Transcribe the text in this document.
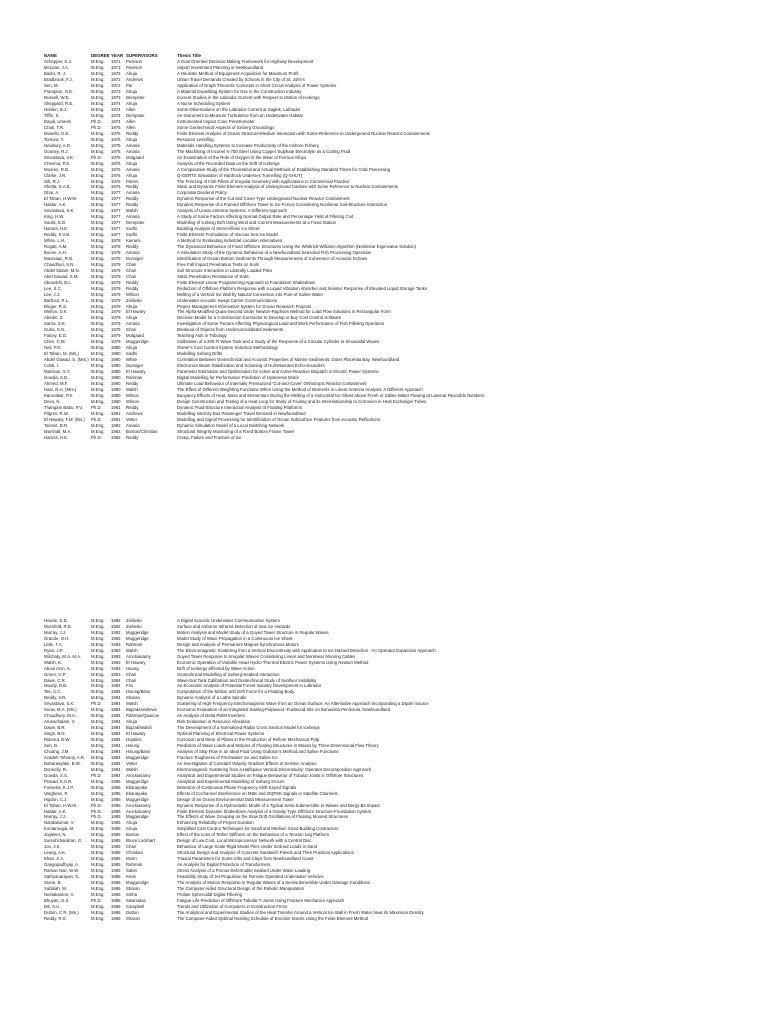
NAME	DEGREE	YEAR	SUPERVISORS	Thesis Title
Schepper, K.J.	M.Eng.	1971	Pearson	A Goal Oriented Decision Making Framework for Highway Development
McLean, J.A.	M.Eng.	1971	Pearson	Airport Investment Planning in Newfoundland
Butler, R. J.	M.Eng.	1972	Ahuja	A Heuristic Method of Equipment Acquisition for Maximum Profit
Bradbrook, F.J.	M.Eng.	1972	Andrews	Urban Travel Demands Created by Schools in the City of St. John's
Sen, M.	M.Eng.	1972	Pai	Application of Graph Theoretic Concepts in Short Circuit Analysis of Power Systems
Frampton, G.E.	M.Eng.	1973	Ahuja	A Material Expediting System for Use in the Construction Industry
Russell, W.E.	M.Eng.	1973	Dempster	Current Studies in the Labrador Current with Respect to Motion of Icebergs
Sheppard, R.E.	M.Eng.	1974	Ahuja	A Nurse Scheduling System
Holden, B.J.	M.Eng.	1974	Allen	Some Observations on the Labrador Current at Saglek, Labrador
Tiffin, S.	M.Eng.	1974	Dempster	An Instrument to Measure Turbulence from an Underwater Habitat
Dayal, Umesh	Ph.D.	1974	Allen	Instrumented Impact Cone Penetrometer
Chari, T.R.	Ph.D.	1975	Allen	Some Geotechnical Aspects of Iceberg Groundings
Mosello, D.E.	M.Eng.	1975	Reddy	Finite Element Analysis of Ocean Structure-Medium Interaction with Some Reference to Underground Nuclear Reactor Containments
Tomura, Y.	M.Eng.	1975	Ahuja	Resource Levelling
Newbury, A.D.	M.Eng.	1975	Amaria	Materials Handling Systems to Increase Productivity of the Inshore Fishery
Gooney, R.J.	M.Eng.	1975	Amaria	The Machining of Inconel X-750 Steel Using Copper Sulphate Electrolyte as a Cutting Fluid
Srivastava, V.K.	Ph.D.	1975	Molgaard	An Examination of the Role of Oxygen in the Wear of Ferrous Alloys
Cheema, P.S.	M.Eng.	1976	Ahuja	Analysis of the Recorded Data on the Drift of Icebergs
Moores, R.D.	M.Eng.	1976	Amaria	A Comparative Study of the Theoretical and Actual Methods of Establishing Standard Times for Crab Processing
Clarke, J.R.	M.Eng.	1976	Ahuja	Q-GERTS Simulation of Hardrock Underses Tunnelling (Q-SHUT)
Gill, R.J.	M.Eng.	1976	Peters	The Freezing of Fish Fillets of Irregular Geometry with Applications to Commercial Practice
Shetta, S.A.E.	M.Eng.	1976	Reddy	Static and Dynamic Finite Element Analysis of Underground Cavities with Some Reference to Nuclear Containments
Dhar, A.	M.Eng.	1977	Amaria	Corporate Dividend Policy
El Tahan, H.W.M.	M.Eng.	1977	Reddy	Dynamic Response of the Cut and Cover Type Underground Nuclear Reactor Containment
Haldar, A.K.	M.Eng.	1977	Reddy	Dynamic Response of a Framed Offshore Tower to Ice Forces Considering Nonlinear Soil-Structure Interaction
Srivastava, S.K.	M.Eng.	1977	Walsh	Analysis of Linear Antenna Systems: A Different Approach
King, H.W.	M.Eng.	1977	Amaria	A Study of Some Factors Affecting Normal Output Rate and Percentage Yield of Filleting Cod
Soulis, E.D.	M.Eng.	1977	Dempster	Modelling of Iceberg Drift Using Wind and Current Measurements at a Fixed Station
Hamza, H.E.	M.Eng.	1977	Sodhi	Buckling Analysis of Semi-Infinite Ice Sheet
Reddy, S.V.B.	M.Eng.	1977	Sodhi	Finite Element Formulation of Viscous Sea Ice Model
White, L.H.	M.Eng.	1978	Kierans	A Method for Evaluating Industrial Location Alternatives
Rogati, A.M.	M.Eng.	1978	Reddy	The Dynamical Behaviour of Fixed Offshore Structures Using the Whittrick-Williams Algorithm (Nonlinear Eigenvalue Solution)
Boone, A.H.	M.Eng.	1978	Amaria	A Simulation Study of the Dynamic Behaviour of a Newfoundland Seasonal Fish Processing Operation
MacIsaac, R.B.	M.Eng.	1978	Dunsiger	Identification of Ocean Bottom Sediments Through Measurements of Coherence of Acoustic Echoes
Chaudhuri, S.N.	M.Eng.	1979	Chari	Free Fall Impact Penetration Tests on Soils
Abdel Salam, M.N.	M.Eng.	1979	Chari	Soil Structure Interaction in Laterally Loaded Piles
Abel Gawad, S.M.	M.Eng.	1979	Chari	Static Penetration Resistance of Soils
Abounkhi, B.L.	M.Eng.	1979	Reddy	Finite Element Linear Programming Approach to Foundation Shakedown
Lee, S.C.	M.Eng.	1979	Reddy	Reduction of Offshore Platform Response with a Liquid Vibration Absorber and Seismic Response of Elevated Liquid Storage Tanks
Lee, J.J.	M.Eng.	1979	Wilson	Melting of a Vertical Ice Wall by Natural Convection into Pure of Saline Water
Barbour, R.L.	M.Eng.	1979	Zielinski	Underwater Acoustic Swept Carrier Communications
Ringer, R.S.	M.Eng.	1979	Ahuja	Project Management Information System for Ocean Research Projects
Wellon, D.K.	M.Eng.	1979	El Hawary	The Alpha-Modified Quasi-Second Order Newton-Raphson Method for Load Flow Solutions in Rectangular Form
Abedin, Z.	M.Eng.	1979	Ahuja	Decision Model for a Construction Contractor to Develop or Buy Cost Control Software
Sarna, S.K.	M.Eng.	1979	Amaria	Investigation of Some Factors Affecting Physiological Load and Work Performance of Fish Filleting Operators
Guha, S.N.	M.Eng.	1979	Chari	Breakout of Objects from Undersonsolidated Sediments
Falcey, E.G.	M.Eng.	1979	Molgaard	Teaching Aids in Tribology
Chen, C.M.	M.Eng.	1979	Muggeridge	Calibration of a 200 Ft Wave Tank and a Study of the Response of a Circular Cylinder to Sinusoidal Waves
Neil, P.G.	M.Eng.	1980	Ahuja	Owner's Cost Control System Selection Methodology
El Tahan, M. (Ms.)	M.Eng.	1980	Sodhi	Modelling Iceberg Drifts
Abdel Gawad, S. (Mrs.)	M.Eng.	1980	White	Correlation Between Geotechnical and Acoustic Properties of Marine Sediments: Outer Placentia Bay, Newfoundland
Cobb, I.	M.Eng.	1980	Dunsiger	Electronics Beam Stabilization and Scanning of Hull-Mounted Echo-Sounders
Mansour, S.Y.	M.Eng.	1980	El Hawary	Parameter Estimation and Optimization for Active and Active-Reactive Dispatch in Electric Power Systems
Gowda, S.D.	M.Eng.	1980	Rahman	Digital Modelling for Performance Prediction of Hysteresis Motor
Ahmed, M.F.	M.Eng.	1980	Reddy	Ultimate Load Behaviour of Internally Pressurized 'Cut-and-Cover' Orthotropic Reactor Containment
Nasr, N.H. (Mrs.)	M.Eng.	1980	Walsh	The Effect of Different Weighting Functions When Using the Method of Moments in Linear Antenna Analysis: A Different Approach
Karunakar, P.K.	M.Eng.	1980	Wilson	Buoyancy Effects of Heat, Mass and Momentum During the Melting of a Horizontal Ice Sheet Above Fresh or Saline Water Flowing at Laminar Reynolds Numbers
Devo, N.	M.Eng.	1980	Wilson	Design Construction and Testing of a Heat Loop for Study of Fouling and its Interrelationship to Corrosion in Heat Exchanger Tubes
Thangam Babu, P.V.	Ph.D.	1981	Reddy	Dynamic Fluid-Structure Interaction Analysis of Floating Platforms
Pilgrim, R.W.	M.Eng.	1981	Andrews	Modelling Intercity Bus Passenger Travel Demand in Newfoundland
El Hawary, F.M. (Ms.)	Ph.D.	1981	Vetter	Modelling and Signal Processing for Identification of Ocean Subsurface Features from Acoustic Reflections
Tarrant, D.R.	M.Eng.	1982	Amaria	Dynamic Simulation Model of a Local Switching Network
Marshall, M.A.	M.Eng.	1982	Boston/Christian	Structural Integrity Monitoring of a Fixed Bottom Frame Tower
Hamza, H.E.	Ph.D.	1982	Reddy	Creep, Failure and Fracture of Ice
Howse, E.D.	M.Eng.	1982	Zielinski	A Digital Acoustic Underwater Communication System
Wornfeld, R.D.	M.Eng.	1982	Zielinski	Surface and Airborne Infrared Detection of Sea Ice Hazards
Murray, J.J.	M.Eng.	1982	Muggeridge	Motion Analysis and Model Study of a Guyed Tower Structure in Regular Waves
Grande, O.H.	M.Eng.	1983	Muggeridge	Model Study of Wave Propagation in a Continuous Ice Sheet
Little, T.A.	M.Eng.	1983	Rahman	Design and Analysis of Permanent Magnet Synchronous Motors
Ryan, J.P.	M.Eng.	1983	Walsh	The Electromagnetic Scattering from a Vertical Discontinuity with Application to Ice Hazard Detection - An Operator Expansion Approach
Wilchaty, M.A. M.A.	M.Eng.	1983	Arockiasamy	Guyed Tower Response to Irregular Waves Considering Linear and Nonlinear Mooring Cables
Walsh, K.	M.Eng.	1983	El Hawary	Economic Operation of Variable Head Hydro-Thermal Electric Power Systems Using Newton Method
Aboul Azm, A.	M.Eng.	1983	Haung	Drift of Icebergs Affected by Wave Action
Green, H.P.	M.Eng.	1983	Chari	Geotechnical Modelling of Iceberg-Seabed Interaction
Dawe, C.R.	M.Eng.	1984	Chari	Wave-Soil Tank Calibration and Geotechnical Study of Seafloor Instability
Moody, D.B.	M.Eng.	1984	Fris	An Economic Analysis of Potential Forest Industry Development in Labrador
Tse, C.C.	M.Eng.	1984	Hsiung/Bass	Computation of the Motion and Drift Force for a Floating Body
Reddy, V.R.	M.Eng.	1984	Sharan	Dynamic Analysis of a Lathe Spindle
Srivastava, S.K.	Ph.D.	1984	Walsh	Scattering of High-Frequency Electromagnetic Wave from an Ocean Surface: An Alternative Approach Incorporating a Dipole Source
Snow, M.A. (Ms.)	M.Eng.	1984	Bajzak/Andrews	Economic Evaluation of an Integrated Sawlog-Pulpwood -Fuelwood Site on Bonavista Peninsula, Newfoundland
Choudhury, M.A.	M.Eng.	1984	Rahman/Quaicoe	An Analysis of Delta PWM Inverters
Arunachalam, V.	M.Eng.	1984	Ahuja	Risk Evaluation in Resource Allocation
Dawe, B.R.	M.Eng.	1984	Bajzak/Walsh	The Development of a Normalized Radar Cross Section Model for Icebergs
Singh, B.N.	M.Eng.	1984	El Hawary	Optimal Planning of Electrical Power Systems
Rideout, D.W.	M.Eng.	1984	Hopkins	Corrosion and Wear of Plates in the Production of Refiner Mechanical Pulp
Sen, D.	M.Eng.	1984	Hsiung	Prediction of Wave Loads and Motions of Floating Structures in Waves by Three Dimensional Flow Theory
Chuang, J.M.	M.Eng.	1984	Hsiung/Bass	Analysis of Ship Flow in an Ideal Fluid Using Gulloton's Method and Spline Functions
Azadeh Tehrany, A.R.	M.Eng.	1984	Muggeridge	Fracture Toughness of Freshwater Ice and Saline Ice
Daharasyake, B.W.	M.Eng.	1984	Vetter	An Investigation of Constant Velocity Gradient Effects in Seismic Analysis
Donnelly, R.	M.Eng.	1984	Walsh	Electromagnetic Scattering from a Halfspace Vertical Discontinuity: Operator Decomposition Approach
Gowda, S.S.	Ph.D.	1984	Arockiasamy	Analytical and Experimental Studies on Fatigue Behaviour of Tubular Joints in Offshore Structures
Prasad, K.S.R.	M.Eng.	1985	Muggeridge	Analytical and Experimental Modelling of Iceberg Scours
Fonseka, K.J.P.	M.Eng.	1985	Ekanayake	Detection of Continuous Phase Frequency Shift Keyed Signals
Varghese, P.	M.Eng.	1985	Ekanayake	Effects of Cochannel Interference on MSK and OQPSK Signals in Satellite Channels
Higdon, C.J.	M.Eng.	1985	Muggeridge	Design of an Ocean Environmental Data Measurement Tower
El Tahan, H.W.M.	Ph.D.	1985	Arockiasamy	Dynamic Response of a Hydroelastic Model of a Typical Semi-Submersible to Waves and Bergy-Bit Impact
Haldar, A.K.	Ph.D.	1985	Arockiasamy	Finite Element Dynamic Shakedown Analysis of a Gravity Type Offshore Structure-Foundation System
Murray, J.J.	Ph.D.	1985	Muggeridge	The Effects of Wave Grouping on the Slow Drift Oscillations of Floating Moored Structures
Nandakumar, V.	M.Eng.	1985	Ahuja	Enhancing Reliability of Project Duration
Kontaroogia, M.	M.Eng.	1985	Ahuja	Simplified Cost Control Techniques for Small and Medium Sized Building Contractors
Jogleker, N.	M.Eng.	1985	Boston	Effect of the Loss of Tether Stiffness on the Behaviour of a Tension Leg Platform
Sureshchandran, G.	M.Eng.	1985	Bruce Lockhart	Design of Low Cost, Local Microprocessor Network with a Central Disc
Joo, J.S.	M.Eng.	1985	Chari	Behaviour of Large Scale Rigid Model Piles Under Inclined Loads in Sand
Leung, A.K.	M.Eng.	1985	Christian	Structural Design and Analysis of Concrete Sandwich Panels and Their Practical Applications
Khan, Z.A.	M.Eng.	1985	Morin	Triaxial Parameters for Some Silts and Clays from Newfoundland Coast
Gangopadhyay, A.	M.Eng.	1985	Rahman	An Analysis for Digital Protection of Transformers
Raman Nair, W.W.	M.Eng.	1985	Sabin	Stress Analysis of a Porous Deformable Seabed Under Wave Loading
Sathyanarayan, G.	M.Eng.	1986	Krein	Feasibility Study of Jet Propulsion for Remote Operated Underwater Vehicles
Stone, B.	M.Eng.	1986	Muggeridge	The Analysis of Motion Response in Regular Waves of a Semisubmersible Under Damage Conditions
Subbiah, M.	M.Eng.	1986	Sharan	The Computer Aided Structural Design of the Robotic Manipulators
Neelakanton, V.	M.Eng.	1986	Sinha	Prolate Spheroidal Digital Filtering
Bhuyan, G.S.	Ph.D.	1986	Swamidas	Fatigue Life Prediction of Offshore Tubular T-Joints Using Fracture Mechanics Approach
Mir, S.U.	M.Eng.	1986	Campbell	Trends and Utilization of Computers in Construction Firms
Dutton, C.R. (Ms.)	M.Eng.	1986	Dutton	The Analytical and Experimental Studies of the Heat Transfer Around a Vertical Ice Wall in Fresh Water Near its Maximum Density
Reddy, R.S.	M.Eng.	1986	Sharan	The Computer-Aided Optimal Hoisting Schedule of Erection Inserts Using the Finite Element Method
